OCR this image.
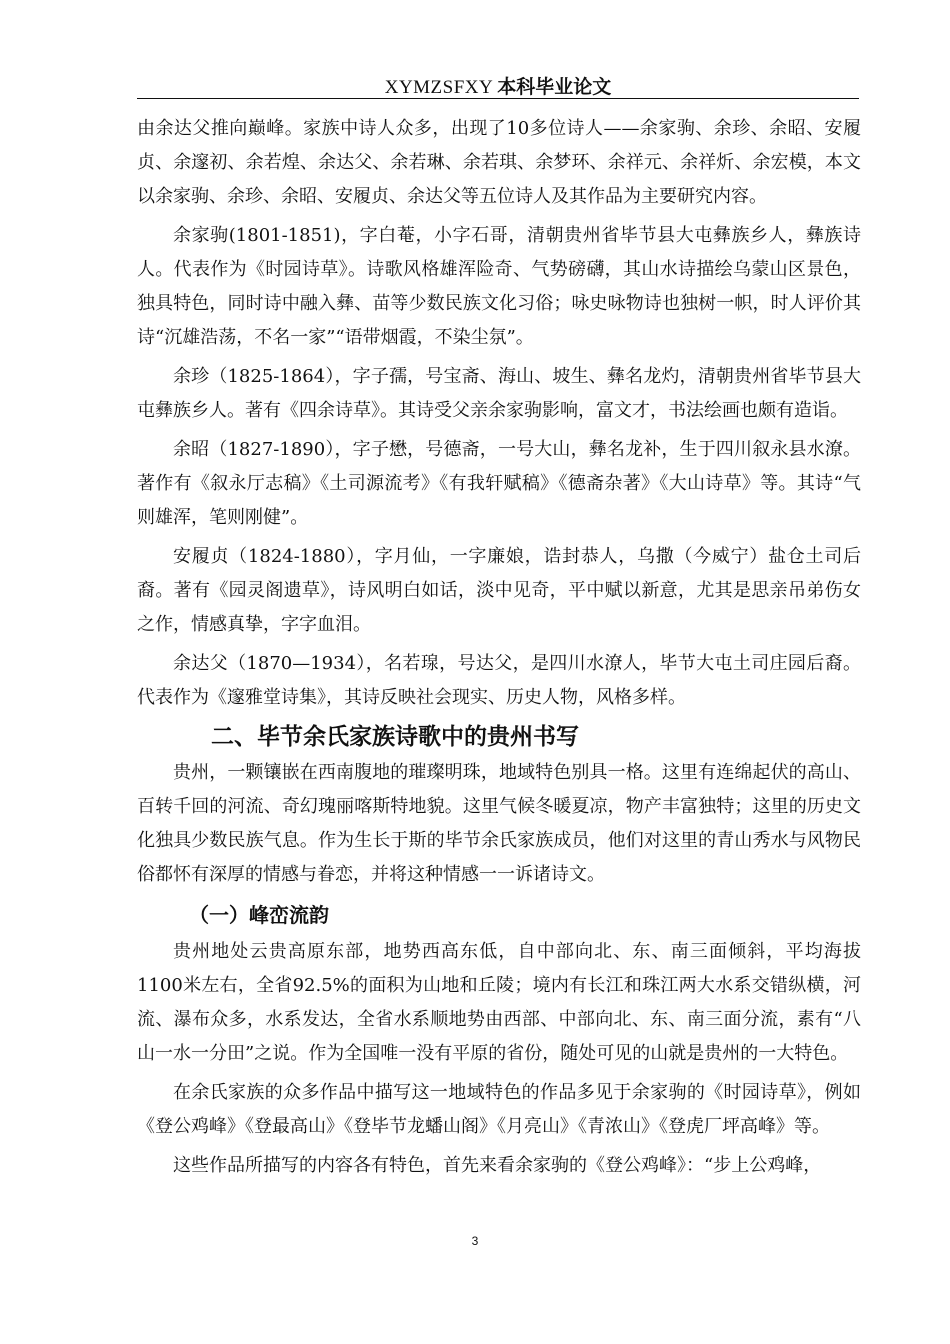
XYMZSFXY 本科毕业论文

由余达父推向巅峰。家族中诗人众多，出现了10多位诗人——余家驹、余珍、余昭、安履贞、余邃初、余若煌、余达父、余若琳、余若琪、余梦环、余祥元、余祥炘、余宏模，本文以余家驹、余珍、余昭、安履贞、余达父等五位诗人及其作品为主要研究内容。

余家驹(1801-1851)，字白菴，小字石哥，清朝贵州省毕节县大屯彝族乡人，彝族诗人。代表作为《时园诗草》。诗歌风格雄浑险奇、气势磅礴，其山水诗描绘乌蒙山区景色，独具特色，同时诗中融入彝、苗等少数民族文化习俗；咏史咏物诗也独树一帜，时人评价其诗“沉雄浩荡，不名一家”“语带烟霞，不染尘氛”。

余珍（1825-1864），字子孺，号宝斋、海山、坡生、彝名龙灼，清朝贵州省毕节县大屯彝族乡人。著有《四余诗草》。其诗受父亲余家驹影响，富文才，书法绘画也颇有造诣。

余昭（1827-1890），字子懋，号德斋，一号大山，彝名龙补，生于四川叙永县水潦。著作有《叙永厅志稿》《土司源流考》《有我轩赋稿》《德斋杂著》《大山诗草》等。其诗“气则雄浑，笔则刚健”。

安履贞（1824-1880），字月仙，一字廉娘，诰封恭人，乌撒（今威宁）盐仓土司后裔。著有《园灵阁遗草》，诗风明白如话，淡中见奇，平中赋以新意，尤其是思亲吊弟伤女之作，情感真挚，字字血泪。

余达父（1870—1934），名若瑔，号达父，是四川水潦人，毕节大屯土司庄园后裔。代表作为《邃雅堂诗集》，其诗反映社会现实、历史人物，风格多样。

二、毕节余氏家族诗歌中的贵州书写

贵州，一颗镶嵌在西南腹地的璀璨明珠，地域特色别具一格。这里有连绵起伏的高山、百转千回的河流、奇幻瑰丽喀斯特地貌。这里气候冬暖夏凉，物产丰富独特；这里的历史文化独具少数民族气息。作为生长于斯的毕节余氏家族成员，他们对这里的青山秀水与风物民俗都怀有深厚的情感与眷恋，并将这种情感一一诉诸诗文。

（一）峰峦流韵

贵州地处云贵高原东部，地势西高东低，自中部向北、东、南三面倾斜，平均海拔1100米左右，全省92.5%的面积为山地和丘陵；境内有长江和珠江两大水系交错纵横，河流、瀑布众多，水系发达，全省水系顺地势由西部、中部向北、东、南三面分流，素有“八山一水一分田”之说。作为全国唯一没有平原的省份，随处可见的山就是贵州的一大特色。

在余氏家族的众多作品中描写这一地域特色的作品多见于余家驹的《时园诗草》，例如《登公鸡峰》《登最高山》《登毕节龙蟠山阁》《月亮山》《青浓山》《登虎厂坪高峰》等。

这些作品所描写的内容各有特色，首先来看余家驹的《登公鸡峰》：“步上公鸡峰，

3
